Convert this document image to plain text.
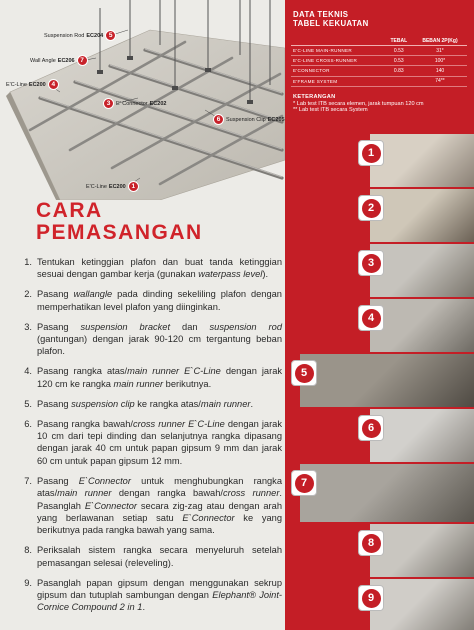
Suspension Rod EC204 5
Wall Angle EC206 7
E'C-Line EC200 4
3	E' Connector EC202
6	Suspension Clip EC205
E'C-Line EC200 1
CARA
PEMASANGAN
1. Tentukan ketinggian plafon dan buat tanda ketinggian sesuai dengan gambar kerja (gunakan waterpass level).
2. Pasang wallangle pada dinding sekeliling plafon dengan memperhatikan level plafon yang diinginkan.
3. Pasang suspension bracket dan suspension rod (gantungan) dengan jarak 90-120 cm tergantung beban plafon.
4. Pasang rangka atas/main runner E`C-Line dengan jarak 120 cm ke rangka main runner berikutnya.
5. Pasang suspension clip ke rangka atas/main runner.
6. Pasang rangka bawah/cross runner E`C-Line dengan jarak 10 cm dari tepi dinding dan selanjutnya rangka dipasang dengan jarak 40 cm untuk papan gipsum 9 mm dan jarak 60 cm untuk papan gipsum 12 mm.
7. Pasang E`Connector untuk menghubungkan rangka atas/main runner dengan rangka bawah/cross runner. Pasanglah E`Connector secara zig-zag atau dengan arah yang berlawanan setiap satu E`Connector ke yang berikutnya pada rangka bawah yang sama.
8. Periksalah sistem rangka secara menyeluruh setelah pemasangan selesai (releveling).
9. Pasanglah papan gipsum dengan menggunakan sekrup gipsum dan tutuplah sambungan dengan Elephant® Joint-Cornice Compound 2 in 1.
DATA TEKNIS
TABEL KEKUATAN
	TEBAL	BEBAN 2P(Kg)
E'C-LINE MAIN-RUNNER	0.53	31*
E'C-LINE CROSS-RUNNER	0.53	100*
E'CONNECTOR	0.83	140
E'FRAME SYSTEM		74**
KETERANGAN
* Lab test ITB secara elemen, jarak tumpuan 120 cm
** Lab test ITB secara System
1
2
3
4
5
6
7
8
9
